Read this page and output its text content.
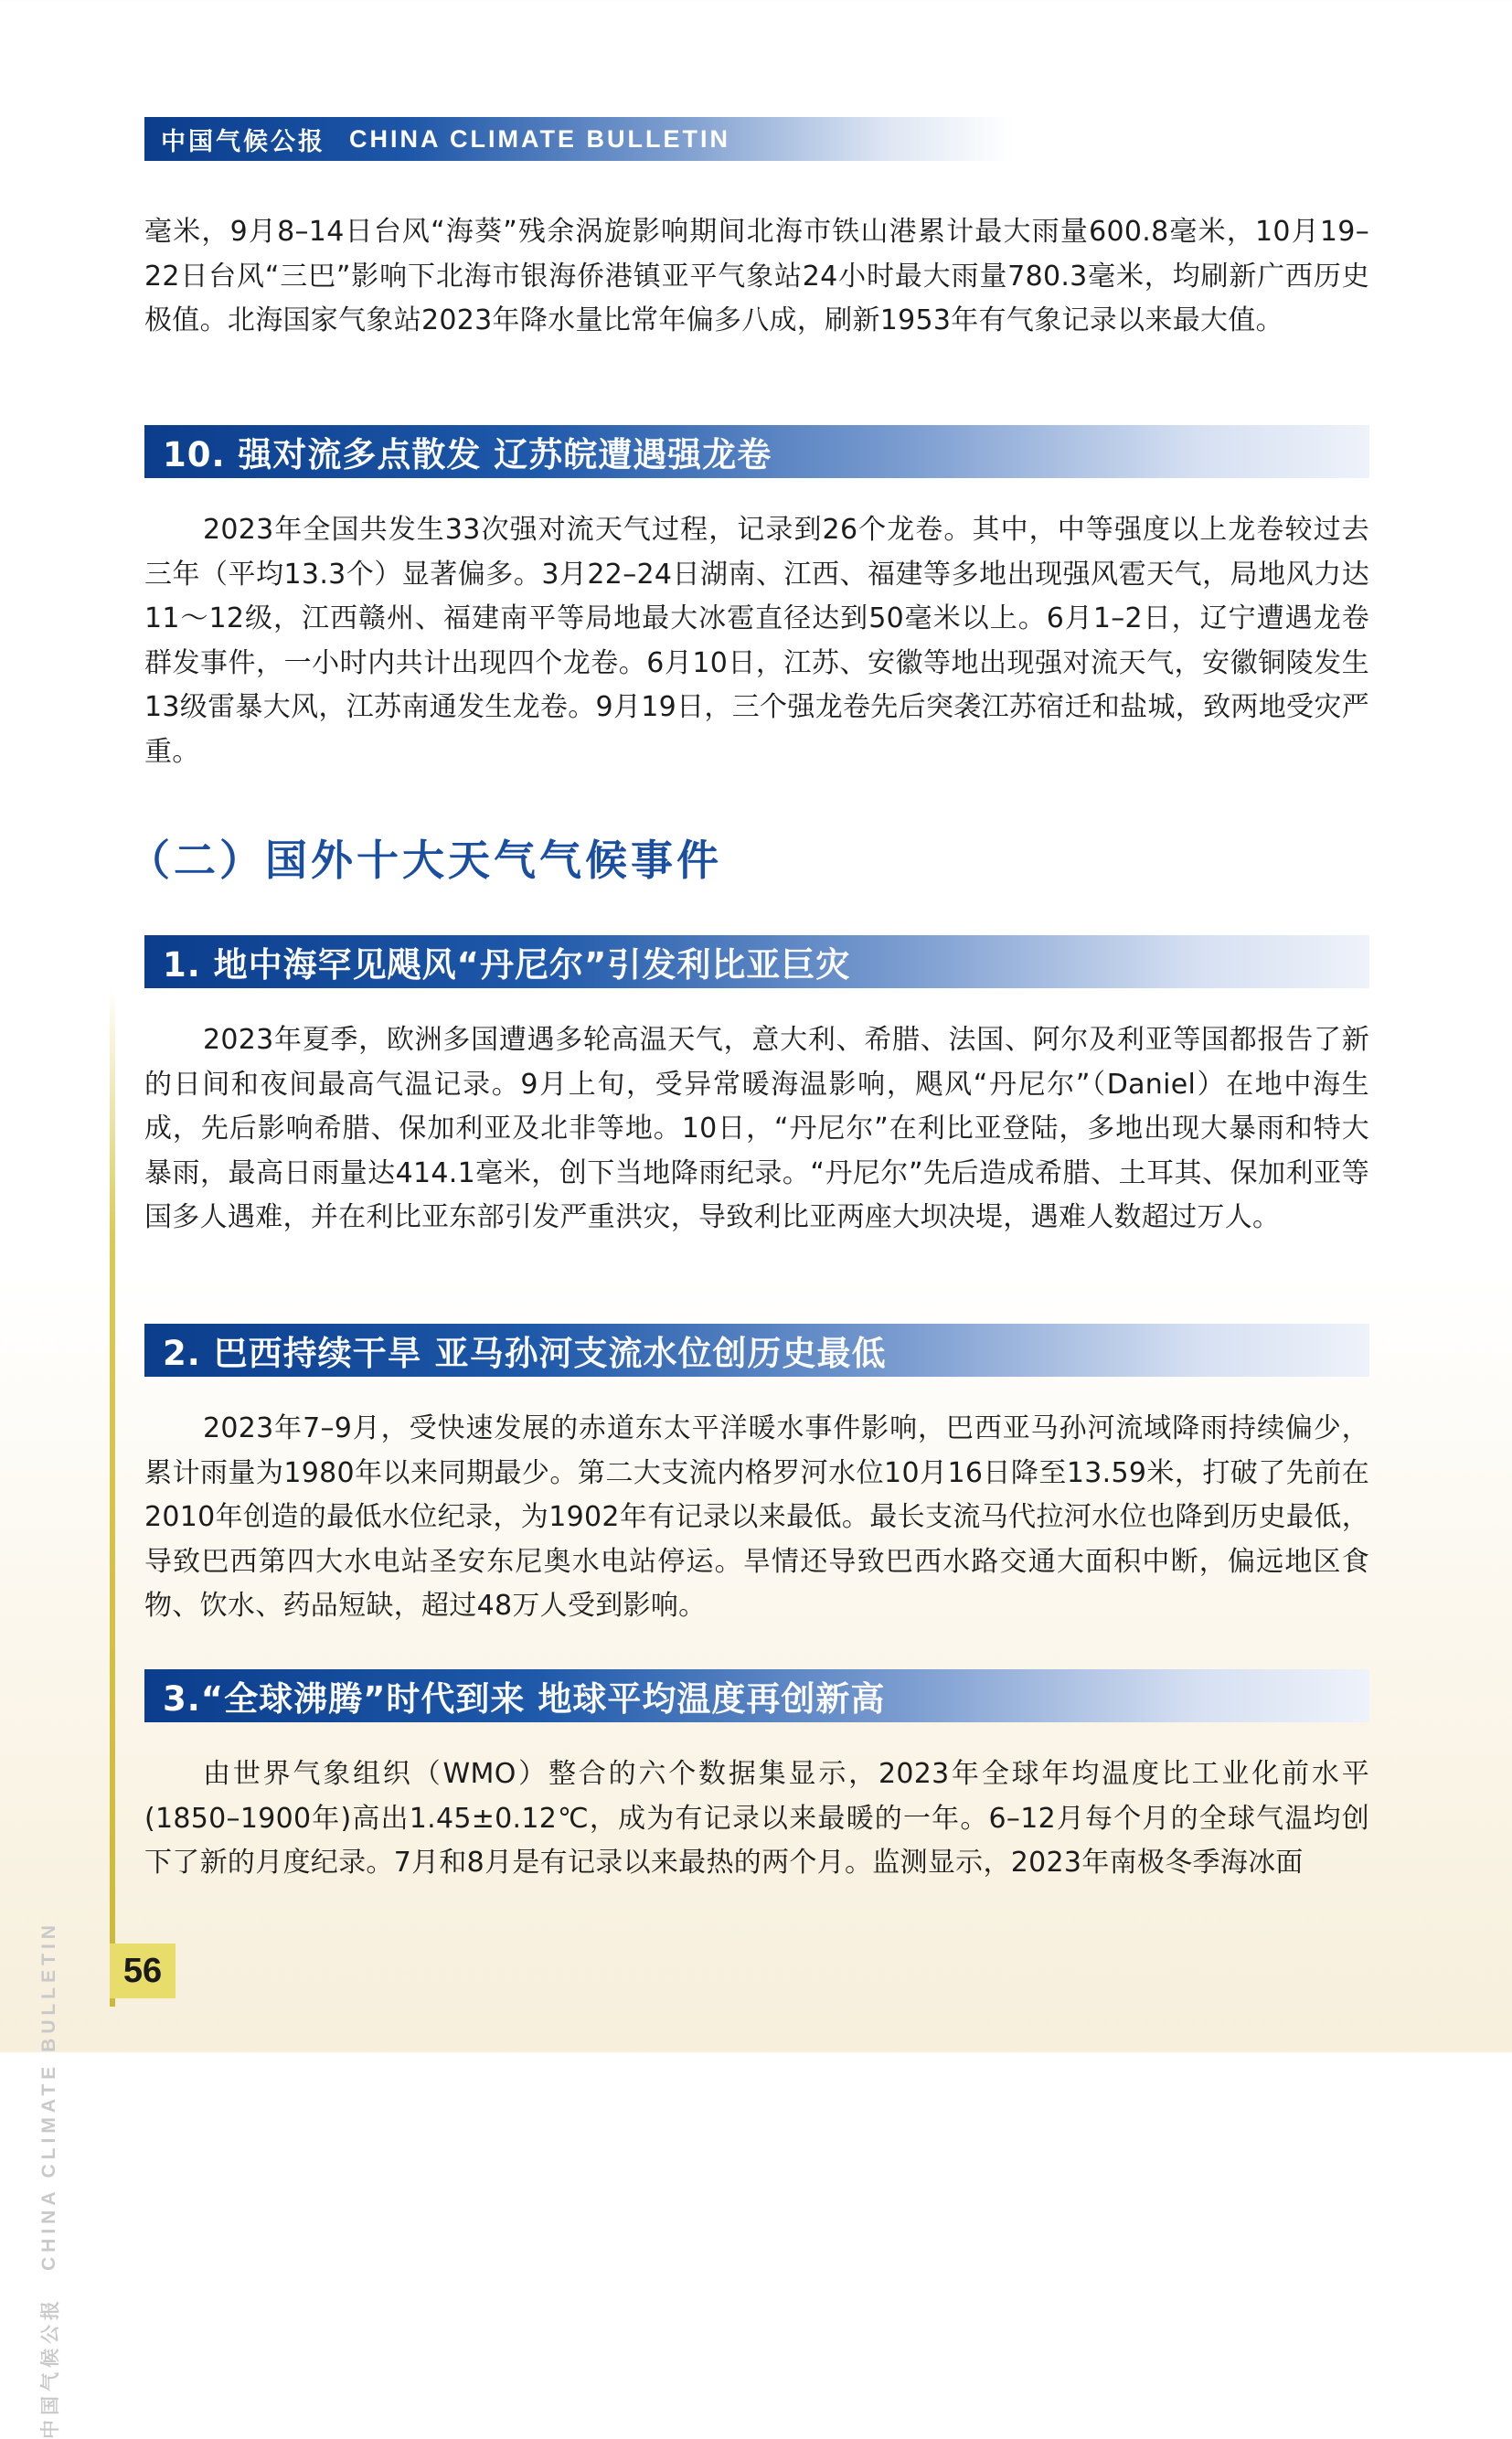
中国气候公报 CHINA CLIMATE BULLETIN

毫米，9月8–14日台风“海葵”残余涡旋影响期间北海市铁山港累计最大雨量600.8毫米，10月19–22日台风“三巴”影响下北海市银海侨港镇亚平气象站24小时最大雨量780.3毫米，均刷新广西历史极值。北海国家气象站2023年降水量比常年偏多八成，刷新1953年有气象记录以来最大值。

10. 强对流多点散发 辽苏皖遭遇强龙卷

2023年全国共发生33次强对流天气过程，记录到26个龙卷。其中，中等强度以上龙卷较过去三年（平均13.3个）显著偏多。3月22–24日湖南、江西、福建等多地出现强风雹天气，局地风力达11～12级，江西赣州、福建南平等局地最大冰雹直径达到50毫米以上。6月1–2日，辽宁遭遇龙卷群发事件，一小时内共计出现四个龙卷。6月10日，江苏、安徽等地出现强对流天气，安徽铜陵发生13级雷暴大风，江苏南通发生龙卷。9月19日，三个强龙卷先后突袭江苏宿迁和盐城，致两地受灾严重。

（二）国外十大天气气候事件
1. 地中海罕见飓风“丹尼尔”引发利比亚巨灾

2023年夏季，欧洲多国遭遇多轮高温天气，意大利、希腊、法国、阿尔及利亚等国都报告了新的日间和夜间最高气温记录。9月上旬，受异常暖海温影响，飓风“丹尼尔”（Daniel）在地中海生成，先后影响希腊、保加利亚及北非等地。10日，“丹尼尔”在利比亚登陆，多地出现大暴雨和特大暴雨，最高日雨量达414.1毫米，创下当地降雨纪录。“丹尼尔”先后造成希腊、土耳其、保加利亚等国多人遇难，并在利比亚东部引发严重洪灾，导致利比亚两座大坝决堤，遇难人数超过万人。

2. 巴西持续干旱 亚马孙河支流水位创历史最低

2023年7–9月，受快速发展的赤道东太平洋暖水事件影响，巴西亚马孙河流域降雨持续偏少，累计雨量为1980年以来同期最少。第二大支流内格罗河水位10月16日降至13.59米，打破了先前在2010年创造的最低水位纪录，为1902年有记录以来最低。最长支流马代拉河水位也降到历史最低，导致巴西第四大水电站圣安东尼奥水电站停运。旱情还导致巴西水路交通大面积中断，偏远地区食物、饮水、药品短缺，超过48万人受到影响。

3.“全球沸腾”时代到来 地球平均温度再创新高

由世界气象组织（WMO）整合的六个数据集显示，2023年全球年均温度比工业化前水平(1850–1900年)高出1.45±0.12℃，成为有记录以来最暖的一年。6–12月每个月的全球气温均创下了新的月度纪录。7月和8月是有记录以来最热的两个月。监测显示，2023年南极冬季海冰面

中国气候公报
CHINA CLIMATE BULLETIN	56
